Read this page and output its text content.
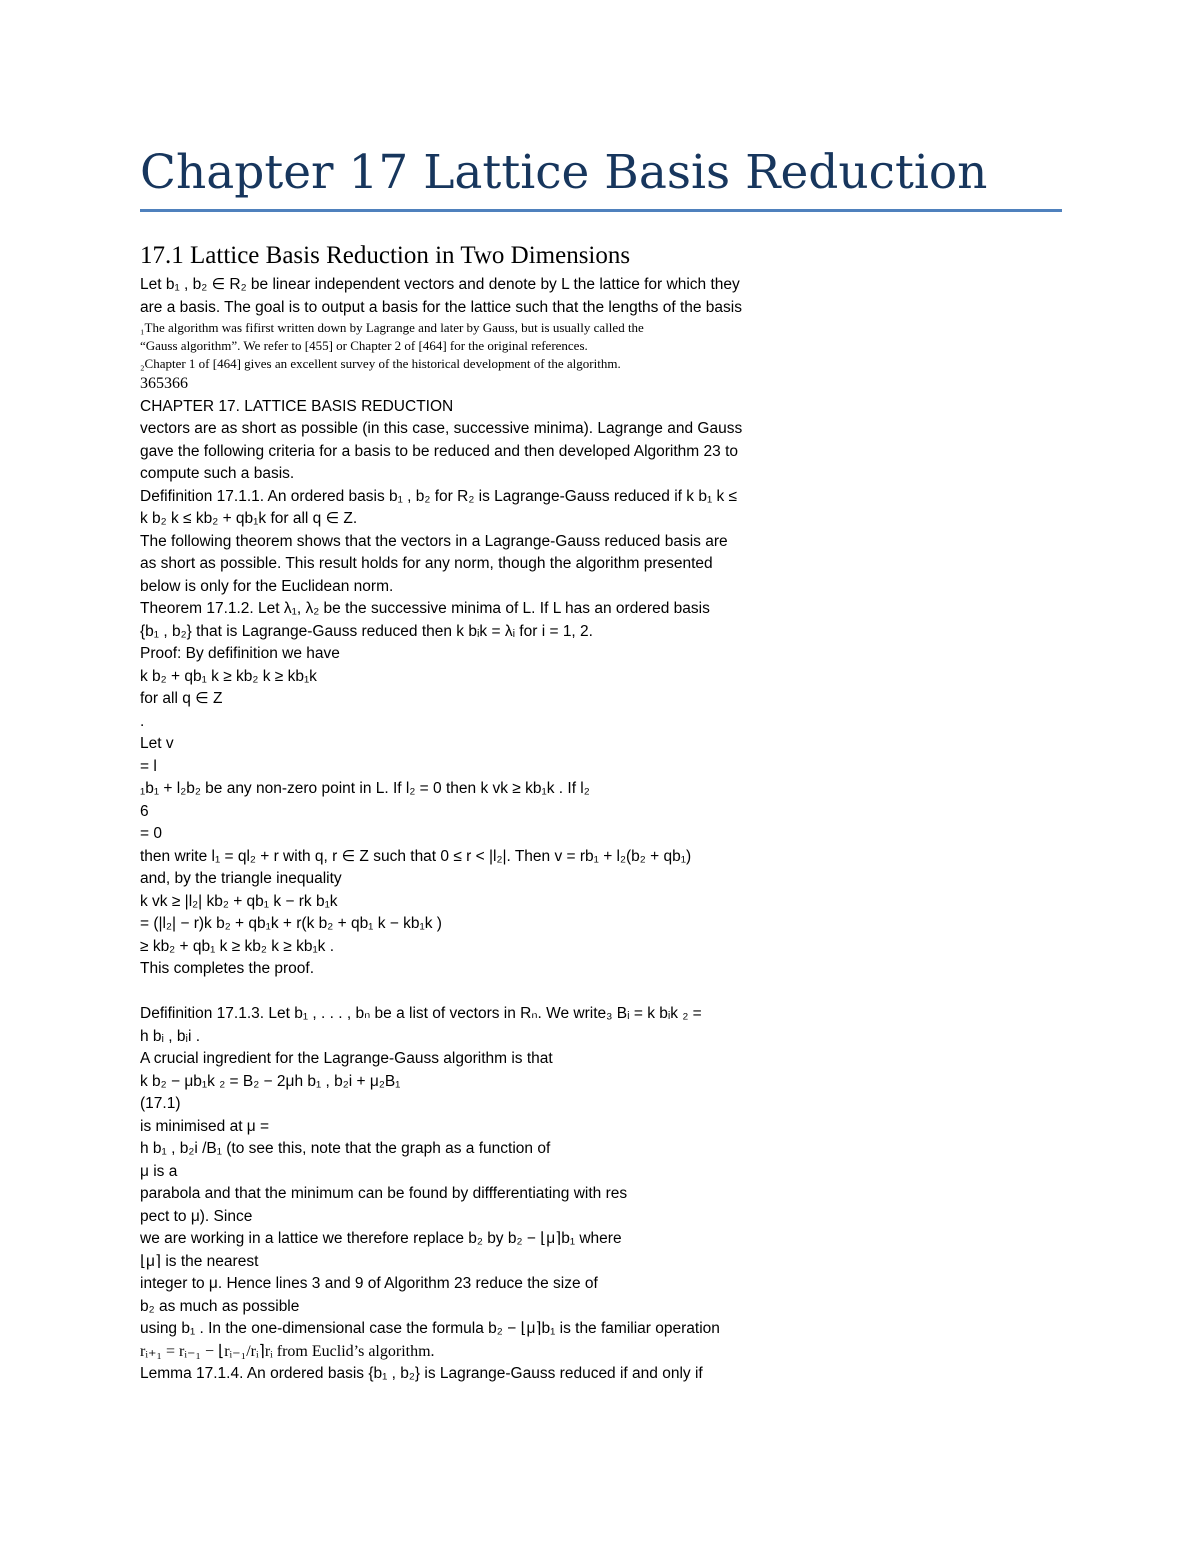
Chapter 17 Lattice Basis Reduction
17.1 Lattice Basis Reduction in Two Dimensions
Let b₁ , b₂ ∈ R₂ be linear independent vectors and denote by L the lattice for which they
are a basis. The goal is to output a basis for the lattice such that the lengths of the basis
₁The algorithm was fifirst written down by Lagrange and later by Gauss, but is usually called the
“Gauss algorithm”. We refer to [455] or Chapter 2 of [464] for the original references.
₂Chapter 1 of [464] gives an excellent survey of the historical development of the algorithm.
365366
CHAPTER 17. LATTICE BASIS REDUCTION
vectors are as short as possible (in this case, successive minima). Lagrange and Gauss
gave the following criteria for a basis to be reduced and then developed Algorithm 23 to
compute such a basis.
Defifinition 17.1.1. An ordered basis b₁ , b₂ for R₂ is Lagrange-Gauss reduced if k b₁ k ≤
k b₂ k ≤ kb₂ + qb₁k for all q ∈ Z.
The following theorem shows that the vectors in a Lagrange-Gauss reduced basis are
as short as possible. This result holds for any norm, though the algorithm presented
below is only for the Euclidean norm.
Theorem 17.1.2. Let λ₁, λ₂ be the successive minima of L. If L has an ordered basis
{b₁ , b₂} that is Lagrange-Gauss reduced then k bᵢk = λᵢ for i = 1, 2.
Proof: By defifinition we have
k b₂ + qb₁ k ≥ kb₂ k ≥ kb₁k
for all q ∈ Z
.
Let v
= l
₁b₁ + l₂b₂ be any non-zero point in L. If l₂ = 0 then k vk ≥ kb₁k . If l₂
6
= 0
then write l₁ = ql₂ + r with q, r ∈ Z such that 0 ≤ r < |l₂|. Then v = rb₁ + l₂(b₂ + qb₁)
and, by the triangle inequality
k vk ≥ |l₂| kb₂ + qb₁ k − rk b₁k
= (|l₂| − r)k b₂ + qb₁k + r(k b₂ + qb₁ k − kb₁k )
≥ kb₂ + qb₁ k ≥ kb₂ k ≥ kb₁k .
This completes the proof.
Defifinition 17.1.3. Let b₁ , . . . , bₙ be a list of vectors in Rₙ. We write₃ Bᵢ = k bᵢk ₂ =
h bᵢ , bᵢi .
A crucial ingredient for the Lagrange-Gauss algorithm is that
k b₂ − μb₁k ₂ = B₂ − 2μh b₁ , b₂i + μ₂B₁
(17.1)
is minimised at μ =
h b₁ , b₂i /B₁ (to see this, note that the graph as a function of
μ is a
parabola and that the minimum can be found by diffferentiating with res
pect to μ). Since
we are working in a lattice we therefore replace b₂ by b₂ − ⌊μ⌉b₁ where
⌊μ⌉ is the nearest
integer to μ. Hence lines 3 and 9 of Algorithm 23 reduce the size of
b₂ as much as possible
using b₁ . In the one-dimensional case the formula b₂ − ⌊μ⌉b₁ is the familiar operation
rᵢ₊₁ = rᵢ₋₁ − ⌊rᵢ₋₁/rᵢ⌉rᵢ from Euclid’s algorithm.
Lemma 17.1.4. An ordered basis {b₁ , b₂} is Lagrange-Gauss reduced if and only if
